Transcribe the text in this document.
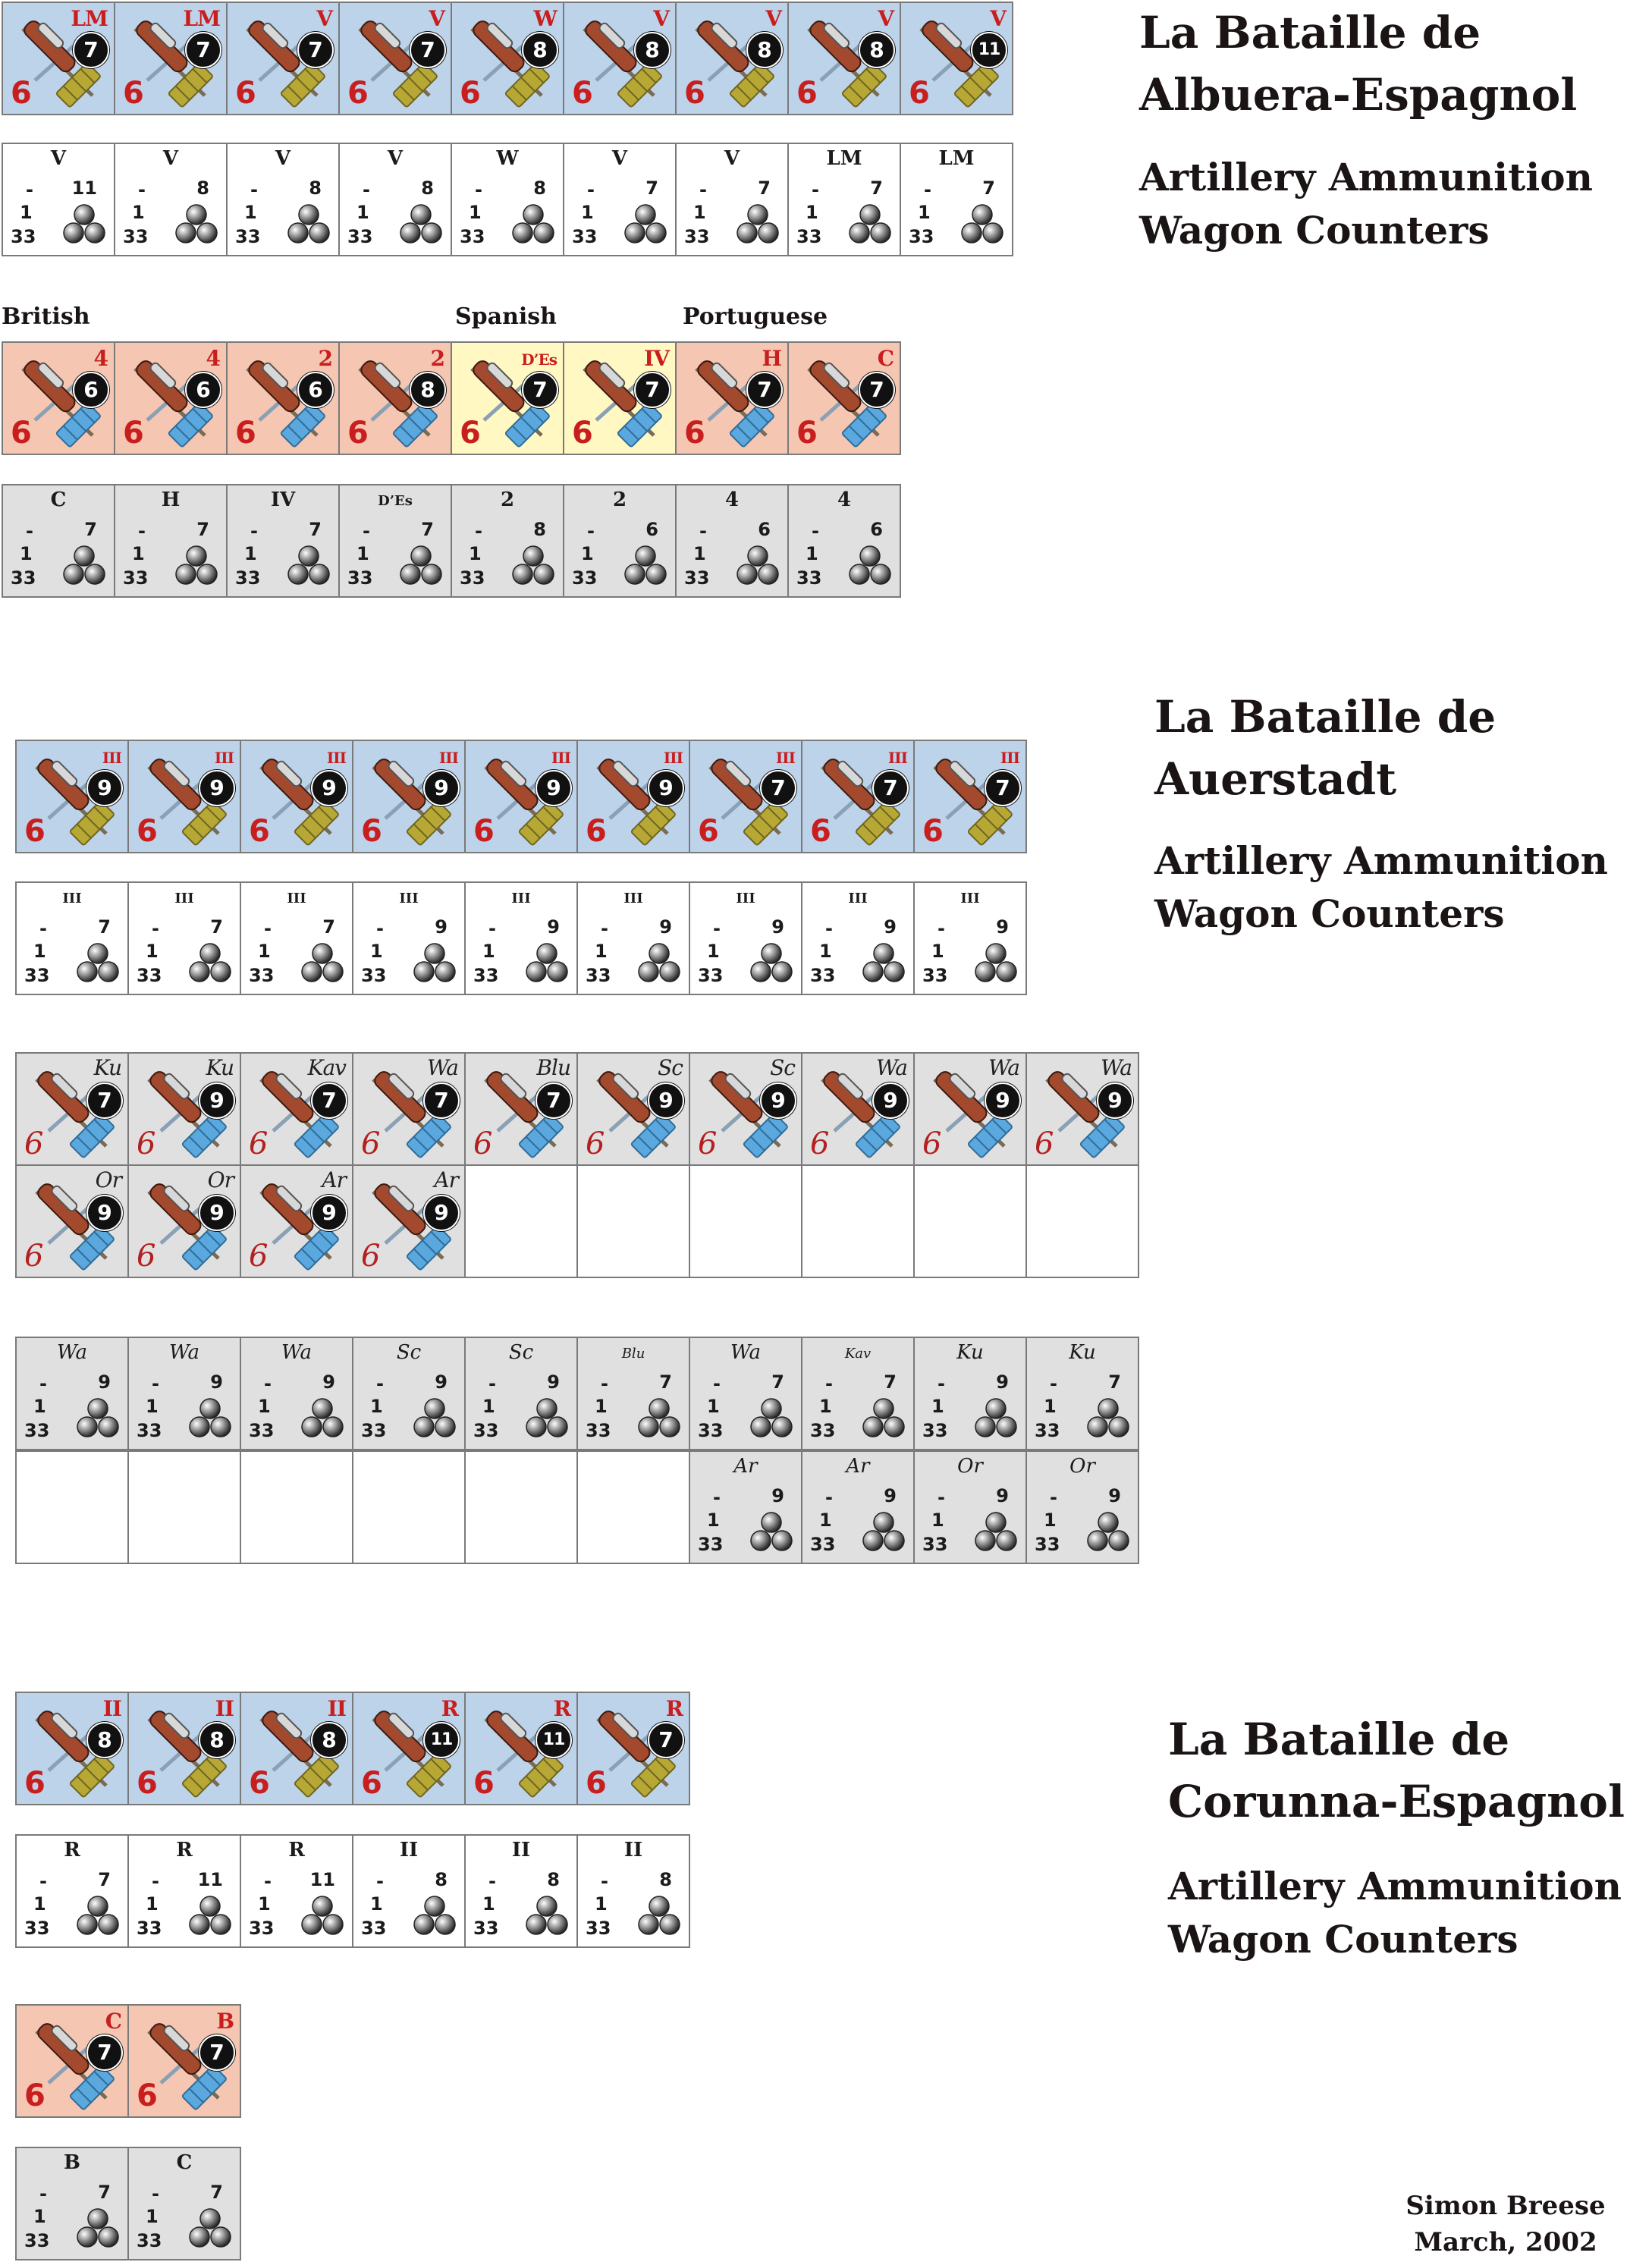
LM
7
6
LM
7
6
V
7
6
V
7
6
W
8
6
V
8
6
V
8
6
V
8
6
V
11
6
V
- 11
1
33
V
-	8
1
33
V
-	8
1
33
V
-	8
1
33
W
-	8
1
33
V
-	7
1
33
V
-	7
1
33
LM
-	7
1
33
LM
-	7
1
33
La Bataille de
Albuera-Espagnol
Artillery Ammunition
Wagon Counters
British	Spanish	Portuguese
4
6
6
4
6
6
2
6
6
2
8
6
D’Es
7
6
IV
7
6
H
7
6
C
7
6
C
-	7
1
33
H
-	7
1
33
IV
-	7
1
33
D’Es
-	7
1
33
2
-	8
1
33
2
-	6
1
33
4
-	6
1
33
4
-	6
1
33
La Bataille de
Auerstadt
Artillery Ammunition
Wagon Counters
III
9
6
III
9
6
III
9
6
III
9
6
III
9
6
III
9
6
III
7
6
III
7
6
III
7
6
III
-	7
1
33
III
-	7
1
33
III
-	7
1
33
III
-	9
1
33
III
-	9
1
33
III
-	9
1
33
III
-	9
1
33
III
-	9
1
33
III
-	9
1
33
Ku
7
6
Ku
9
6
Kav
7
6
Wa
7
6
Blu
7
6
Sc
9
6
Sc
9
6
Wa
9
6
Wa
9
6
Wa
9
6
Or
9
6
Or
9
6
Ar
9
6
Ar
9
6
Wa
-	9
1
33
Wa
-	9
1
33
Wa
-	9
1
33
Sc
-	9
1
33
Sc
-	9
1
33
Blu
-	7
1
33
Wa
-	7
1
33
Kav
-	7
1
33
Ku
-	9
1
33
Ku
-	7
1
33
Ar
-	9
1
33
Ar
-	9
1
33
Or
-	9
1
33
Or
-	9
1
33
II
8
6
II
8
6
II
8
6
R
11
6
R
11
6
R
7
6
R
-	7
1
33
R
- 11
1
33
R
- 11
1
33
II
-	8
1
33
II
-	8
1
33
II
-	8
1
33
La Bataille de
Corunna-Espagnol
Artillery Ammunition
Wagon Counters
C
7
6
B
7
6
B
-	7
1
33
C
-	7
1
33
Simon Breese
March, 2002
